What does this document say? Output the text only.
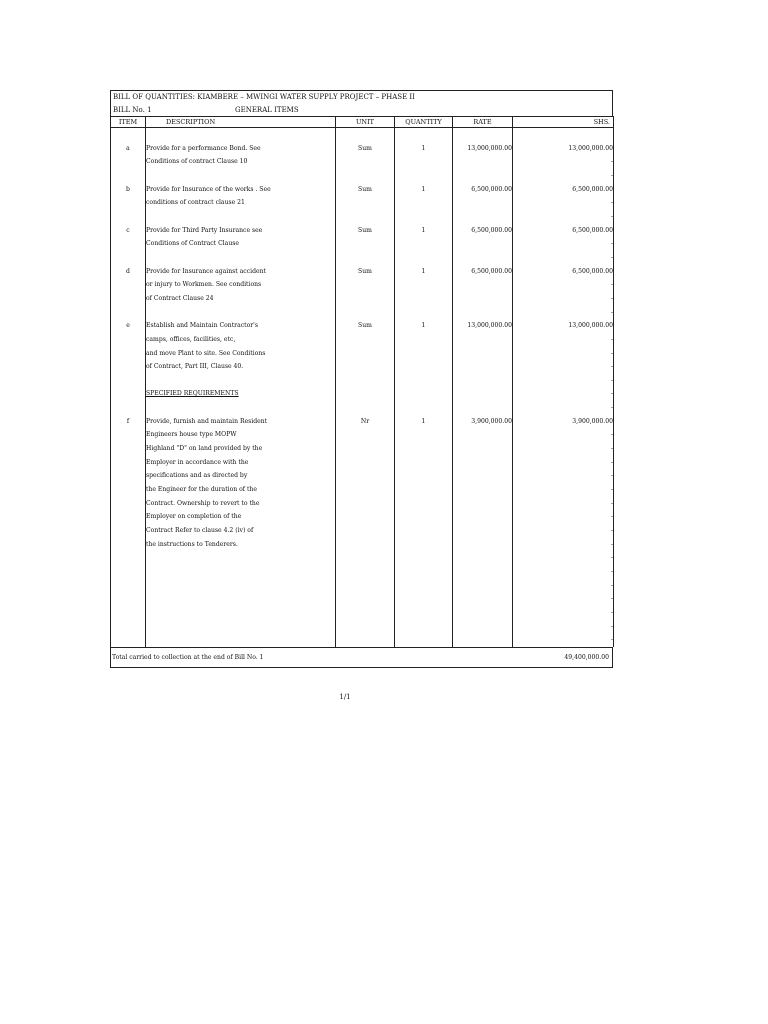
BILL OF QUANTITIES: KIAMBERE – MWINGI WATER SUPPLY PROJECT – PHASE II
BILL No. 1	GENERAL ITEMS
ITEM	DESCRIPTION	UNIT	QUANTITY	RATE	SHS.

a	Provide for a performance Bond. See	Sum	1	13,000,000.00	13,000,000.00
	Conditions of contract Clause 10				-
					-
b	Provide for Insurance of the works . See	Sum	1	6,500,000.00	6,500,000.00
	conditions of contract clause 21				-
					-
c	Provide for Third Party Insurance see	Sum	1	6,500,000.00	6,500,000.00
	Conditions of Contract Clause				-
					-
d	Provide for Insurance against accident	Sum	1	6,500,000.00	6,500,000.00
	or injury to Workmen. See conditions				-
	of Contract Clause 24				-
					-
e	Establish and Maintain Contractor's	Sum	1	13,000,000.00	13,000,000.00
	camps, offices, facilities, etc,				-
	and move Plant to site. See Conditions				-
	of Contract, Part III, Clause 40.				-
					-
	SPECIFIED REQUIREMENTS				-
					-
f	Provide, furnish and maintain Resident	Nr	1	3,900,000.00	3,900,000.00
	Engineers house type MOPW				-
	Highland "D" on land provided by the				-
	Employer in accordance with the				-
	specifications and as directed by				-
	the Engineer for the duration of the				-
	Contract. Ownership to revert to the				-
	Employer on completion of the				-
	Contract Refer to clause 4.2 (iv) of				-
	the instructions to Tenderers.				-
					-
					-
					-
					-
					-
					-
					-
Total carried to collection at the end of Bill No. 1	49,400,000.00
1/1
